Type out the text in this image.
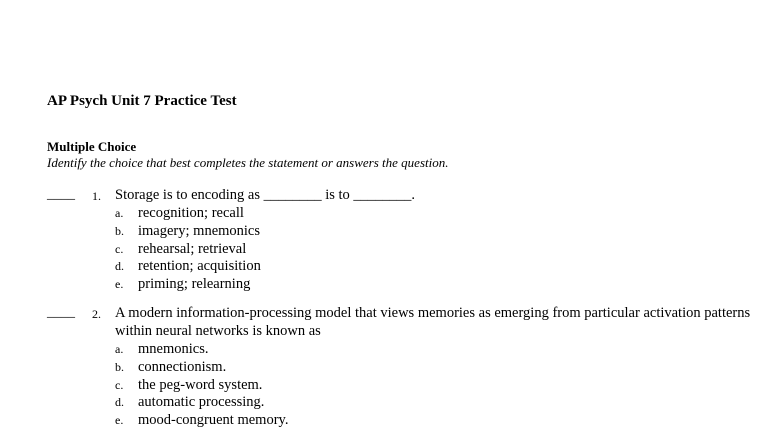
AP Psych Unit 7 Practice Test
Multiple Choice

Identify the choice that best completes the statement or answers the question.

____ 1. Storage is to encoding as ________ is to ________.

a. recognition; recall
b. imagery; mnemonics
c. rehearsal; retrieval
d. retention; acquisition
e. priming; relearning
____ 2. A modern information-processing model that views memories as emerging from particular activation patterns within neural networks is known as

a. mnemonics.
b. connectionism.
c. the peg-word system.
d. automatic processing.
e. mood-congruent memory.
